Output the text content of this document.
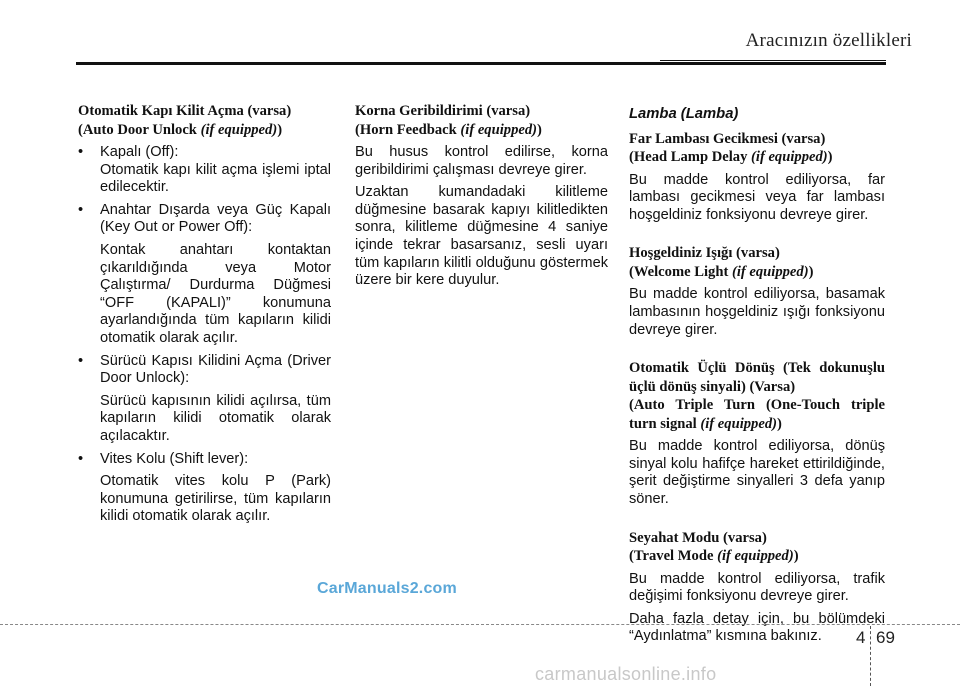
Aracınızın özellikleri
Otomatik Kapı Kilit Açma (varsa)
(Auto Door Unlock (if equipped))
•	Kapalı (Off):
Otomatik kapı kilit açma işlemi iptal edilecektir.
•	Anahtar Dışarda veya Güç Kapalı (Key Out or Power Off):
Kontak anahtarı kontaktan çıkarıldığında veya Motor Çalıştırma/ Durdurma Düğmesi “OFF (KAPALI)” konumuna ayarlandığında tüm kapıların kilidi otomatik olarak açılır.
•	Sürücü Kapısı Kilidini Açma (Driver Door Unlock):
Sürücü kapısının kilidi açılırsa, tüm kapıların kilidi otomatik olarak açılacaktır.
•	Vites Kolu (Shift lever):
Otomatik vites kolu P (Park) konumuna getirilirse, tüm kapıların kilidi otomatik olarak açılır.
Korna Geribildirimi (varsa)
(Horn Feedback (if equipped))
Bu husus kontrol edilirse, korna geribildirimi çalışması devreye girer.
Uzaktan kumandadaki kilitleme düğmesine basarak kapıyı kilitledikten sonra, kilitleme düğmesine 4 saniye içinde tekrar basarsanız, sesli uyarı tüm kapıların kilitli olduğunu göstermek üzere bir kere duyulur.
Lamba (Lamba)
Far Lambası Gecikmesi (varsa)
(Head Lamp Delay (if equipped))
Bu madde kontrol ediliyorsa, far lambası gecikmesi veya far lambası hoşgeldiniz fonksiyonu devreye girer.
Hoşgeldiniz Işığı (varsa)
(Welcome Light (if equipped))
Bu madde kontrol ediliyorsa, basamak lambasının hoşgeldiniz ışığı fonksiyonu devreye girer.
Otomatik Üçlü Dönüş (Tek dokunuşlu üçlü dönüş sinyali) (Varsa)
(Auto Triple Turn (One-Touch triple turn signal (if equipped))
Bu madde kontrol ediliyorsa, dönüş sinyal kolu hafifçe hareket ettirildiğinde, şerit değiştirme sinyalleri 3 defa yanıp söner.
Seyahat Modu (varsa)
(Travel Mode (if equipped))
Bu madde kontrol ediliyorsa, trafik değişimi fonksiyonu devreye girer.
Daha fazla detay için, bu bölümdeki “Aydınlatma” kısmına bakınız.
CarManuals2.com
4 69
carmanualsonline.info
